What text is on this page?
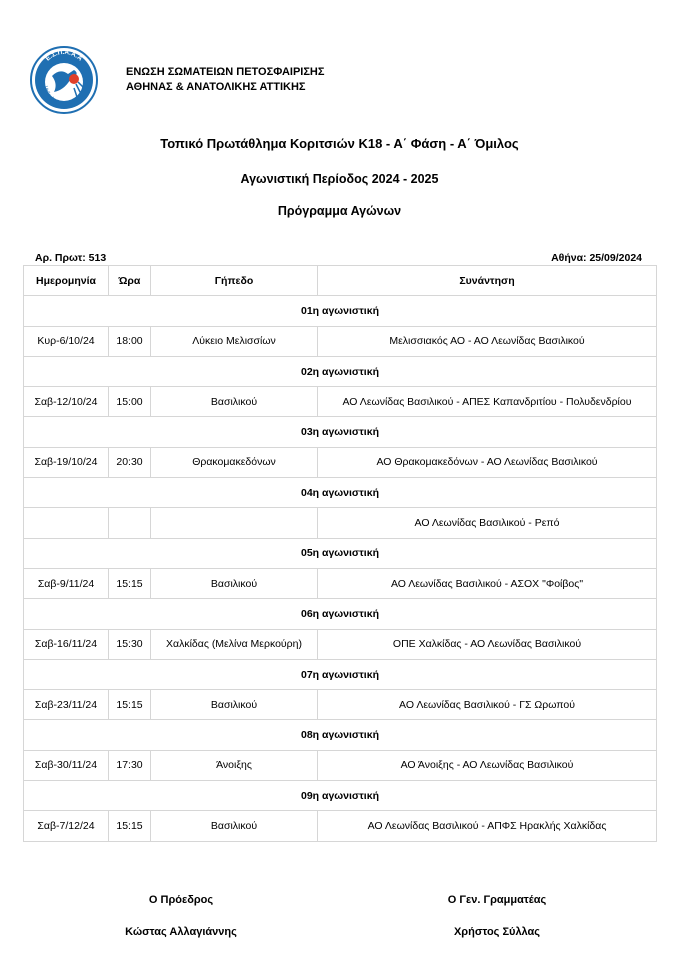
Ε.Σ.Π.Α.Α.Α
Volleyball
ΕΝΩΣΗ ΣΩΜΑΤΕΙΩΝ ΠΕΤΟΣΦΑΙΡΙΣΗΣ
ΑΘΗΝΑΣ & ΑΝΑΤΟΛΙΚΗΣ ΑΤΤΙΚΗΣ
Τοπικό Πρωτάθλημα Κοριτσιών Κ18 - Α΄ Φάση - Α΄ Όμιλος
Αγωνιστική Περίοδος 2024 - 2025
Πρόγραμμα Αγώνων
Αρ. Πρωτ: 513	Αθήνα: 25/09/2024
Ημερομηνία	Ώρα	Γήπεδο	Συνάντηση
01η αγωνιστική			
Κυρ-6/10/24	18:00	Λύκειο Μελισσίων	Μελισσιακός ΑΟ - ΑΟ Λεωνίδας Βασιλικού
02η αγωνιστική			
Σαβ-12/10/24	15:00	Βασιλικού	ΑΟ Λεωνίδας Βασιλικού - ΑΠΕΣ Καπανδριτίου - Πολυδενδρίου
03η αγωνιστική			
Σαβ-19/10/24	20:30	Θρακομακεδόνων	ΑΟ Θρακομακεδόνων - ΑΟ Λεωνίδας Βασιλικού
04η αγωνιστική			
			ΑΟ Λεωνίδας Βασιλικού - Ρεπό
05η αγωνιστική			
Σαβ-9/11/24	15:15	Βασιλικού	ΑΟ Λεωνίδας Βασιλικού - ΑΣΟΧ "Φοίβος"
06η αγωνιστική			
Σαβ-16/11/24	15:30	Χαλκίδας (Μελίνα Μερκούρη)	ΟΠΕ Χαλκίδας - ΑΟ Λεωνίδας Βασιλικού
07η αγωνιστική			
Σαβ-23/11/24	15:15	Βασιλικού	ΑΟ Λεωνίδας Βασιλικού - ΓΣ Ωρωπού
08η αγωνιστική			
Σαβ-30/11/24	17:30	Άνοιξης	ΑΟ Άνοιξης - ΑΟ Λεωνίδας Βασιλικού
09η αγωνιστική			
Σαβ-7/12/24	15:15	Βασιλικού	ΑΟ Λεωνίδας Βασιλικού - ΑΠΦΣ Ηρακλής Χαλκίδας
Ο Πρόεδρος
Κώστας Αλλαγιάννης
Ο Γεν. Γραμματέας
Χρήστος Σύλλας
